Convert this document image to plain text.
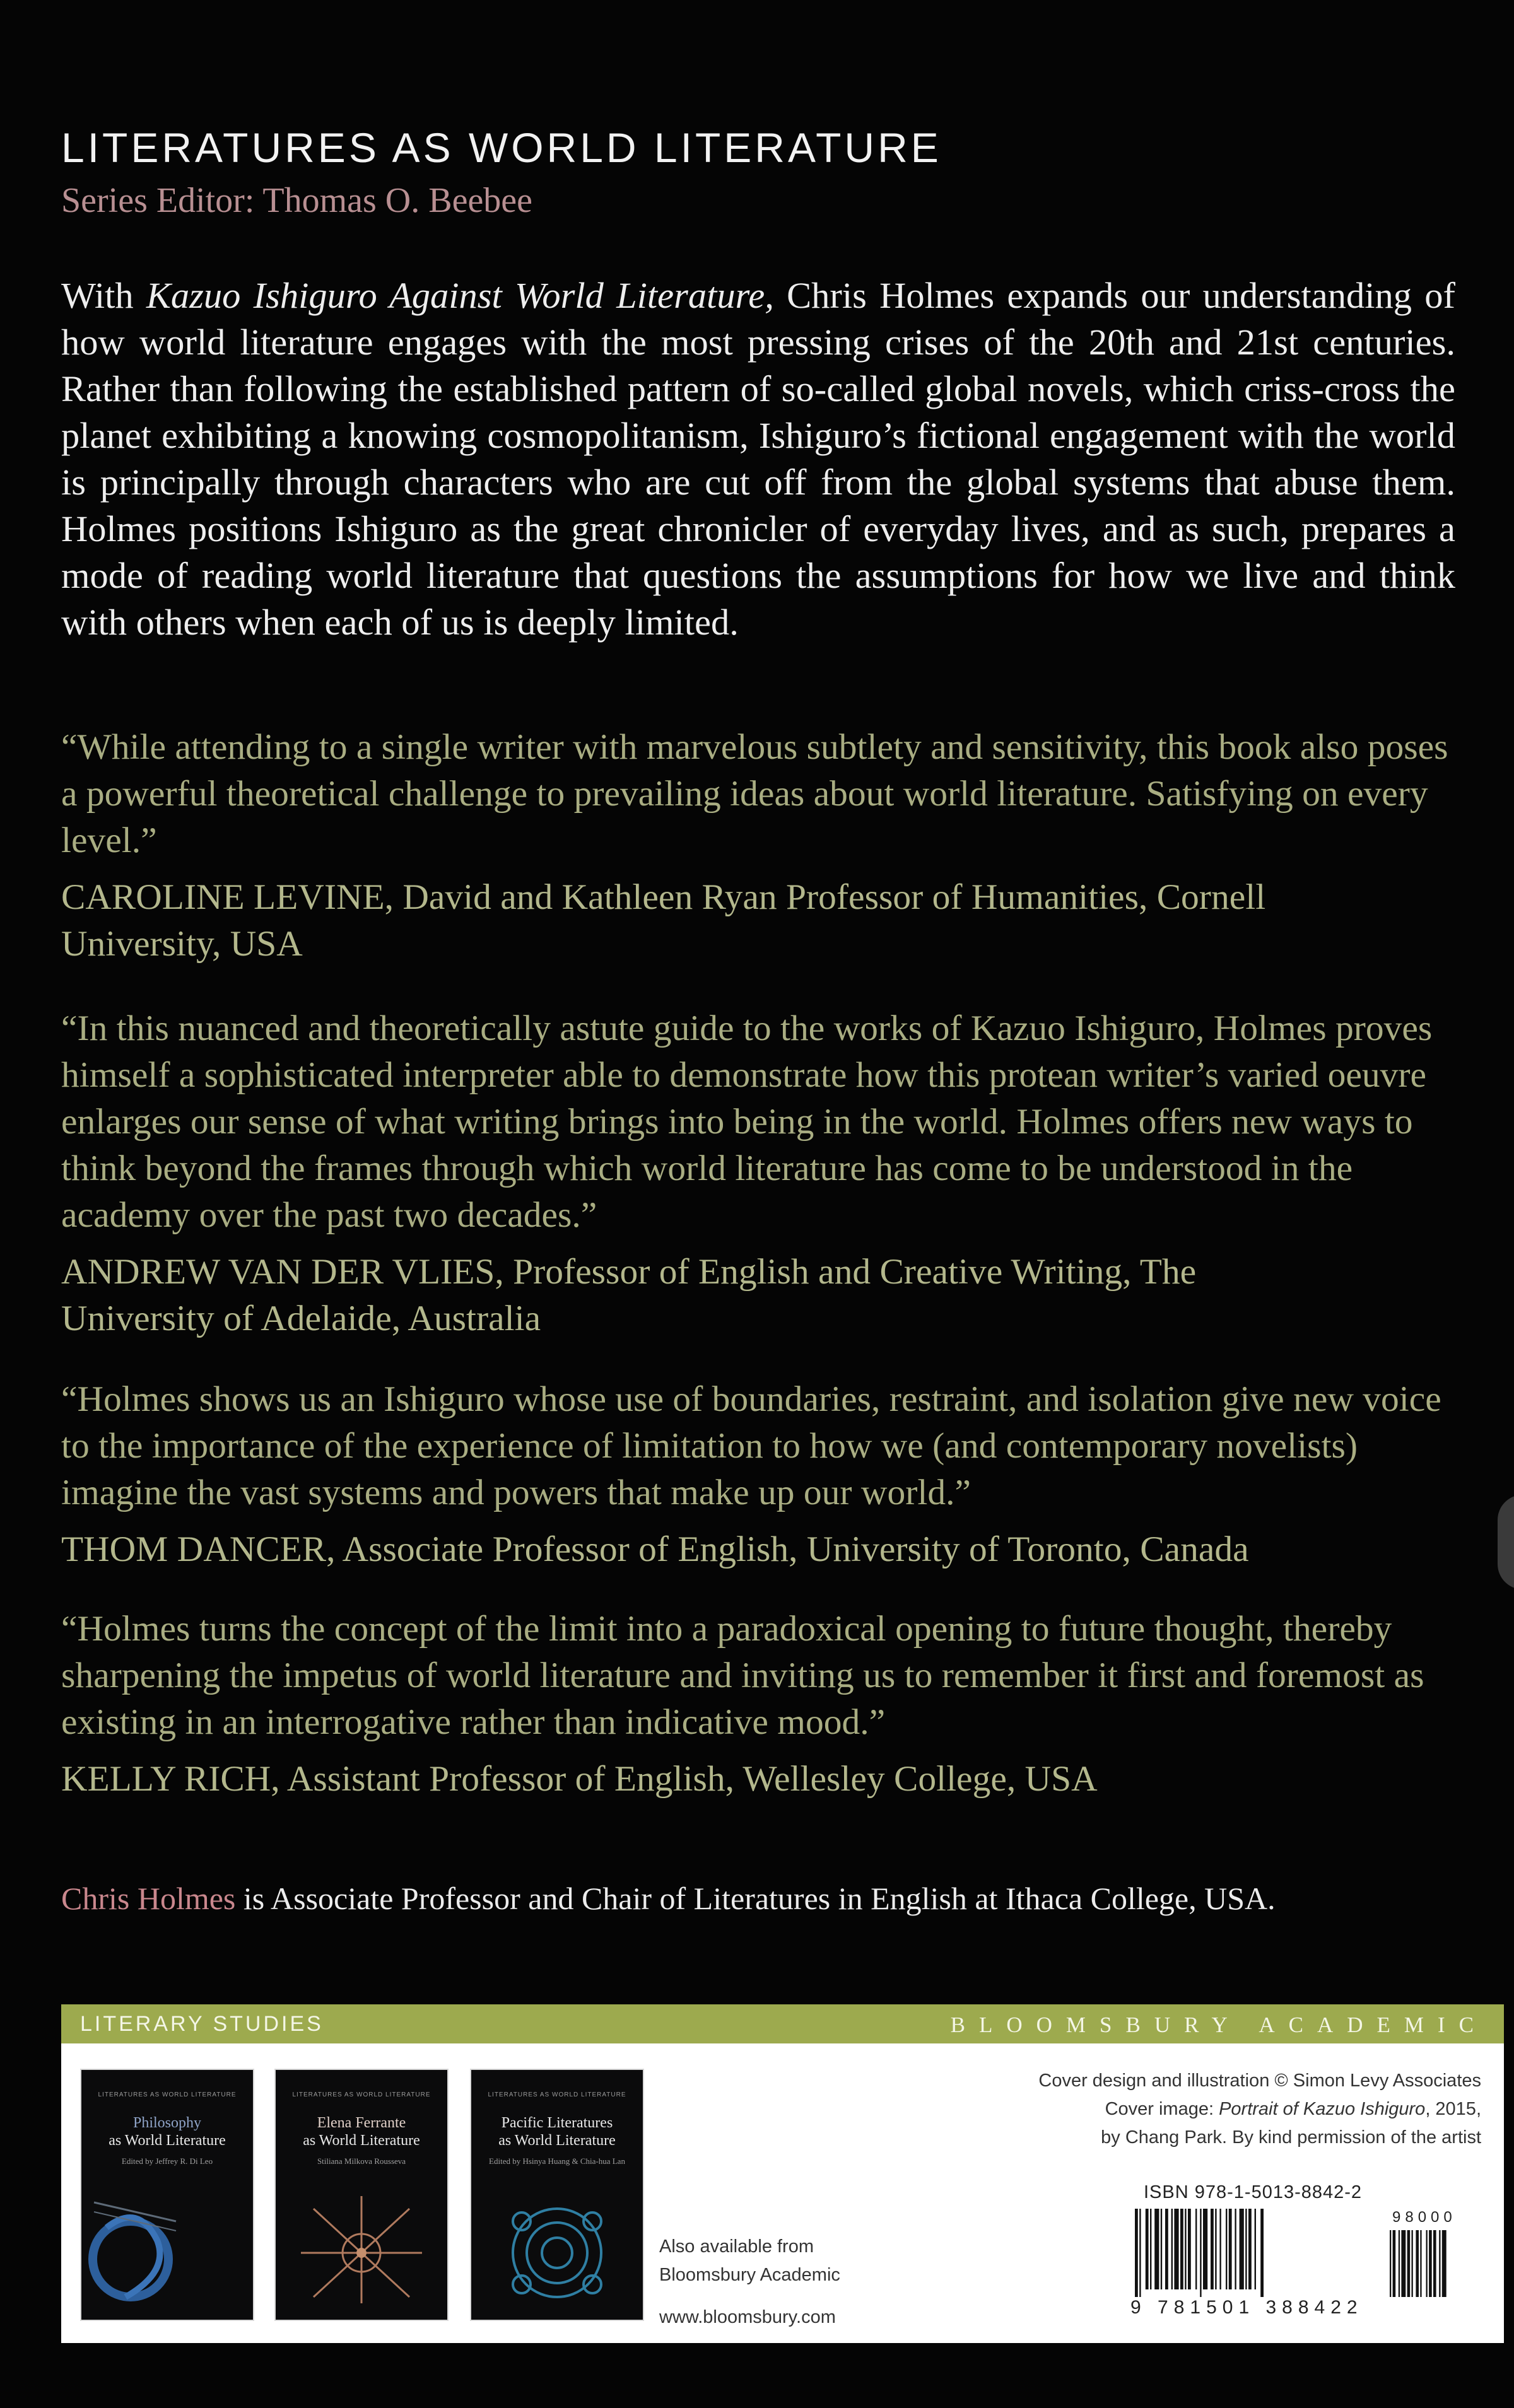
LITERATURES AS WORLD LITERATURE

Series Editor: Thomas O. Beebee

With Kazuo Ishiguro Against World Literature, Chris Holmes expands our understanding of how world literature engages with the most pressing crises of the 20th and 21st centuries. Rather than following the established pattern of so-called global novels, which criss-cross the planet exhibiting a knowing cosmopolitanism, Ishiguro’s fictional engagement with the world is principally through characters who are cut off from the global systems that abuse them. Holmes positions Ishiguro as the great chronicler of everyday lives, and as such, prepares a mode of reading world literature that questions the assumptions for how we live and think with others when each of us is deeply limited.

“While attending to a single writer with marvelous subtlety and sensitivity, this book also poses a powerful theoretical challenge to prevailing ideas about world literature. Satisfying on every level.”

CAROLINE LEVINE, David and Kathleen Ryan Professor of Humanities, Cornell University, USA

“In this nuanced and theoretically astute guide to the works of Kazuo Ishiguro, Holmes proves himself a sophisticated interpreter able to demonstrate how this protean writer’s varied oeuvre enlarges our sense of what writing brings into being in the world. Holmes offers new ways to think beyond the frames through which world literature has come to be understood in the academy over the past two decades.”

ANDREW VAN DER VLIES, Professor of English and Creative Writing, The University of Adelaide, Australia

“Holmes shows us an Ishiguro whose use of boundaries, restraint, and isolation give new voice to the importance of the experience of limitation to how we (and contemporary novelists) imagine the vast systems and powers that make up our world.”

THOM DANCER, Associate Professor of English, University of Toronto, Canada

“Holmes turns the concept of the limit into a paradoxical opening to future thought, thereby sharpening the impetus of world literature and inviting us to remember it first and foremost as existing in an interrogative rather than indicative mood.”

KELLY RICH, Assistant Professor of English, Wellesley College, USA

Chris Holmes is Associate Professor and Chair of Literatures in English at Ithaca College, USA.

LITERARY STUDIES	BLOOMSBURY ACADEMIC
LITERATURES AS WORLD LITERATURE
Philosophy
as World Literature
Edited by Jeffrey R. Di Leo
LITERATURES AS WORLD LITERATURE
Elena Ferrante
as World Literature
Stiliana Milkova Rousseva
LITERATURES AS WORLD LITERATURE
Pacific Literatures
as World Literature
Edited by Hsinya Huang & Chia-hua Lan
Also available from
Bloomsbury Academic
www.bloomsbury.com
Cover design and illustration © Simon Levy Associates
Cover image: Portrait of Kazuo Ishiguro, 2015,
by Chang Park. By kind permission of the artist
ISBN 978-1-5013-8842-2
98000
9 781501 388422
